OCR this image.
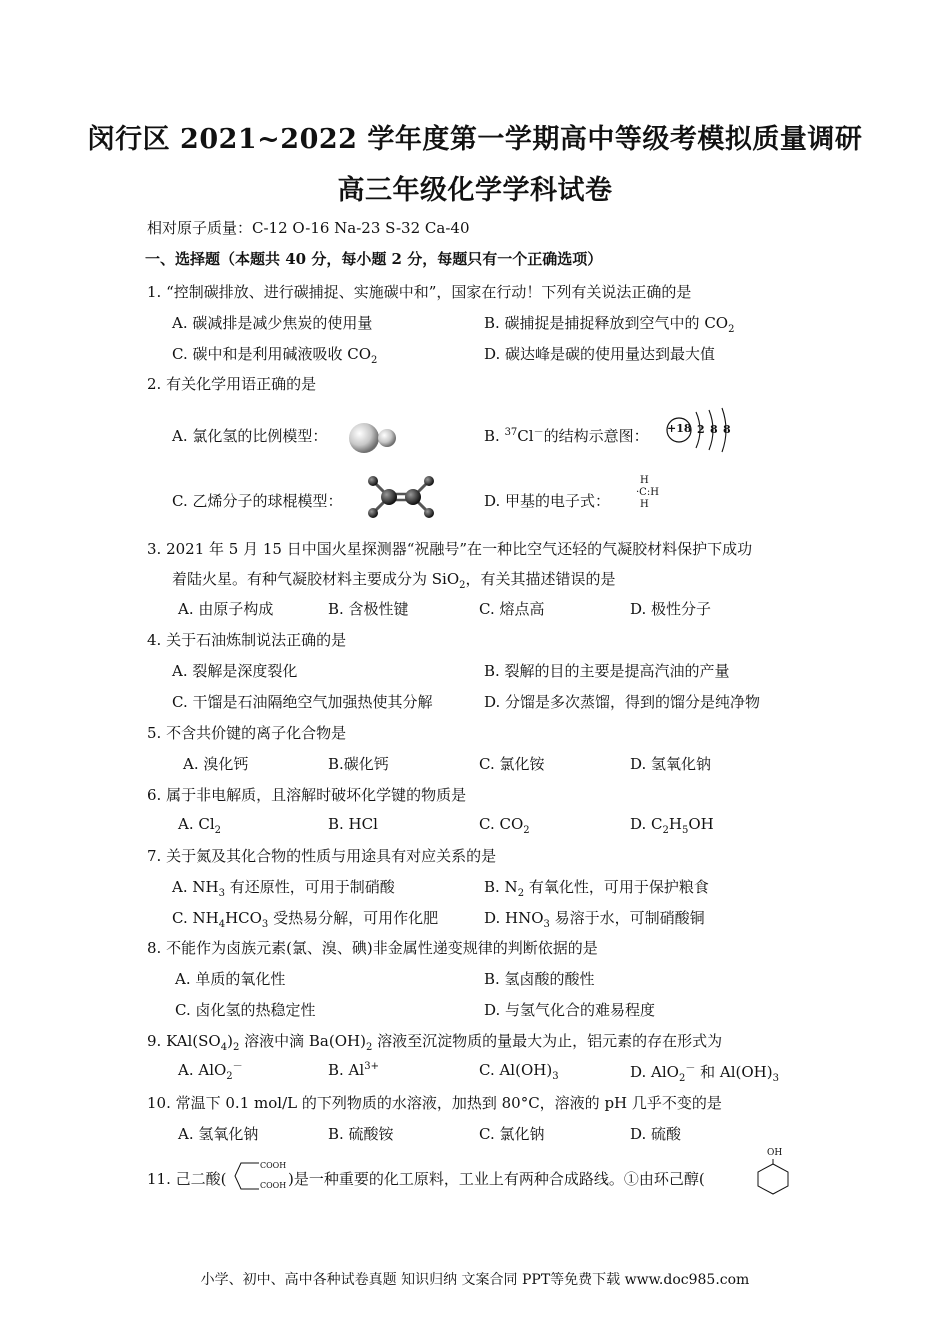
闵行区 2021~2022 学年度第一学期高中等级考模拟质量调研
高三年级化学学科试卷
相对原子质量：C-12 O-16 Na-23 S-32 Ca-40
一、选择题（本题共 40 分，每小题 2 分，每题只有一个正确选项）
1. “控制碳排放、进行碳捕捉、实施碳中和”，国家在行动！下列有关说法正确的是
A. 碳减排是减少焦炭的使用量	B. 碳捕捉是捕捉释放到空气中的 $CO_2$
C. 碳中和是利用碱液吸收 $CO_2$	D. 碳达峰是碳的使用量达到最大值
2. 有关化学用语正确的是
A. 氯化氢的比例模型：	B. $^{37}$Cl－的结构示意图： +18 2 8 8
C. 乙烯分子的球棍模型：	D. 甲基的电子式：
H
·C:H
H
3. 2021 年 5 月 15 日中国火星探测器“祝融号”在一种比空气还轻的气凝胶材料保护下成功
着陆火星。有种气凝胶材料主要成分为 SiO$_2$，有关其描述错误的是
A. 由原子构成	B. 含极性键	C. 熔点高	D. 极性分子
4. 关于石油炼制说法正确的是
A. 裂解是深度裂化	B. 裂解的目的主要是提高汽油的产量
C. 干馏是石油隔绝空气加强热使其分解	D. 分馏是多次蒸馏，得到的馏分是纯净物
5. 不含共价键的离子化合物是
A. 溴化钙	B.碳化钙	C. 氯化铵	D. 氢氧化钠
6. 属于非电解质，且溶解时破坏化学键的物质是
A. $Cl_2$	B. HCl	C. $CO_2$	D. $C_2H_5OH$
7. 关于氮及其化合物的性质与用途具有对应关系的是
A. $NH_3$ 有还原性，可用于制硝酸	B. $N_2$ 有氧化性，可用于保护粮食
C. $NH_4HCO_3$ 受热易分解，可用作化肥	D. $HNO_3$ 易溶于水，可制硝酸铜
8. 不能作为卤族元素(氯、溴、碘)非金属性递变规律的判断依据的是
A. 单质的氧化性	B. 氢卤酸的酸性
C. 卤化氢的热稳定性	D. 与氢气化合的难易程度
9. $KAl(SO_4)_2$ 溶液中滴 $Ba(OH)_2$ 溶液至沉淀物质的量最大为止，铝元素的存在形式为
A. AlO$_2$－	B. $Al^{3+}$	C. $Al(OH)_3$	D. AlO$_2$－ 和 $Al(OH)_3$
10. 常温下 0.1 mol/L 的下列物质的水溶液，加热到 80°C，溶液的 pH 几乎不变的是
A. 氢氧化钠	B. 硫酸铵	C. 氯化钠	D. 硫酸
11. 己二酸(
COOH
COOH )是一种重要的化工原料，工业上有两种合成路线。①由环己醇(
OH
小学、初中、高中各种试卷真题 知识归纳 文案合同 PPT等免费下载 www.doc985.com
